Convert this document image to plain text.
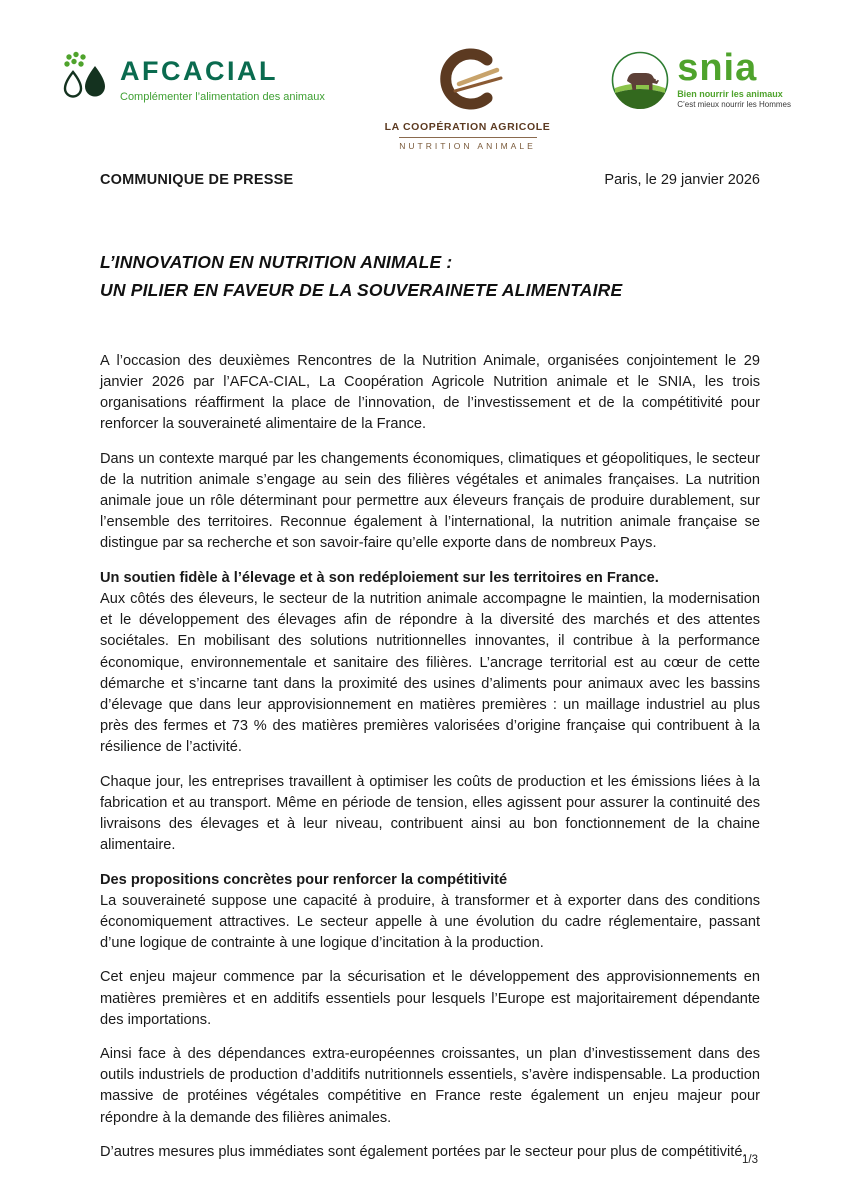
AFCACIAL
Complémenter l’alimentation des animaux
LA COOPÉRATION AGRICOLE
NUTRITION ANIMALE
snia
Bien nourrir les animaux
C’est mieux nourrir les Hommes
COMMUNIQUE DE PRESSE	Paris, le 29 janvier 2026
L’INNOVATION EN NUTRITION ANIMALE :
UN PILIER EN FAVEUR DE LA SOUVERAINETE ALIMENTAIRE

A l’occasion des deuxièmes Rencontres de la Nutrition Animale, organisées conjointement le 29 janvier 2026 par l’AFCA-CIAL, La Coopération Agricole Nutrition animale et le SNIA, les trois organisations réaffirment la place de l’innovation, de l’investissement et de la compétitivité pour renforcer la souveraineté alimentaire de la France.

Dans un contexte marqué par les changements économiques, climatiques et géopolitiques, le secteur de la nutrition animale s’engage au sein des filières végétales et animales françaises. La nutrition animale joue un rôle déterminant pour permettre aux éleveurs français de produire durablement, sur l’ensemble des territoires. Reconnue également à l’international, la nutrition animale française se distingue par sa recherche et son savoir-faire qu’elle exporte dans de nombreux Pays.

Un soutien fidèle à l’élevage et à son redéploiement sur les territoires en France.

Aux côtés des éleveurs, le secteur de la nutrition animale accompagne le maintien, la modernisation et le développement des élevages afin de répondre à la diversité des marchés et des attentes sociétales. En mobilisant des solutions nutritionnelles innovantes, il contribue à la performance économique, environnementale et sanitaire des filières. L’ancrage territorial est au cœur de cette démarche et s’incarne tant dans la proximité des usines d’aliments pour animaux avec les bassins d’élevage que dans leur approvisionnement en matières premières : un maillage industriel au plus près des fermes et 73 % des matières premières valorisées d’origine française qui contribuent à la résilience de l’activité.

Chaque jour, les entreprises travaillent à optimiser les coûts de production et les émissions liées à la fabrication et au transport. Même en période de tension, elles agissent pour assurer la continuité des livraisons des élevages et à leur niveau, contribuent ainsi au bon fonctionnement de la chaine alimentaire.

Des propositions concrètes pour renforcer la compétitivité

La souveraineté suppose une capacité à produire, à transformer et à exporter dans des conditions économiquement attractives. Le secteur appelle à une évolution du cadre réglementaire, passant d’une logique de contrainte à une logique d’incitation à la production.

Cet enjeu majeur commence par la sécurisation et le développement des approvisionnements en matières premières et en additifs essentiels pour lesquels l’Europe est majoritairement dépendante des importations.

Ainsi face à des dépendances extra-européennes croissantes, un plan d’investissement dans des outils industriels de production d’additifs nutritionnels essentiels, s’avère indispensable. La production massive de protéines végétales compétitive en France reste également un enjeu majeur pour répondre à la demande des filières animales.

D’autres mesures plus immédiates sont également portées par le secteur pour plus de compétitivité.

1/3
